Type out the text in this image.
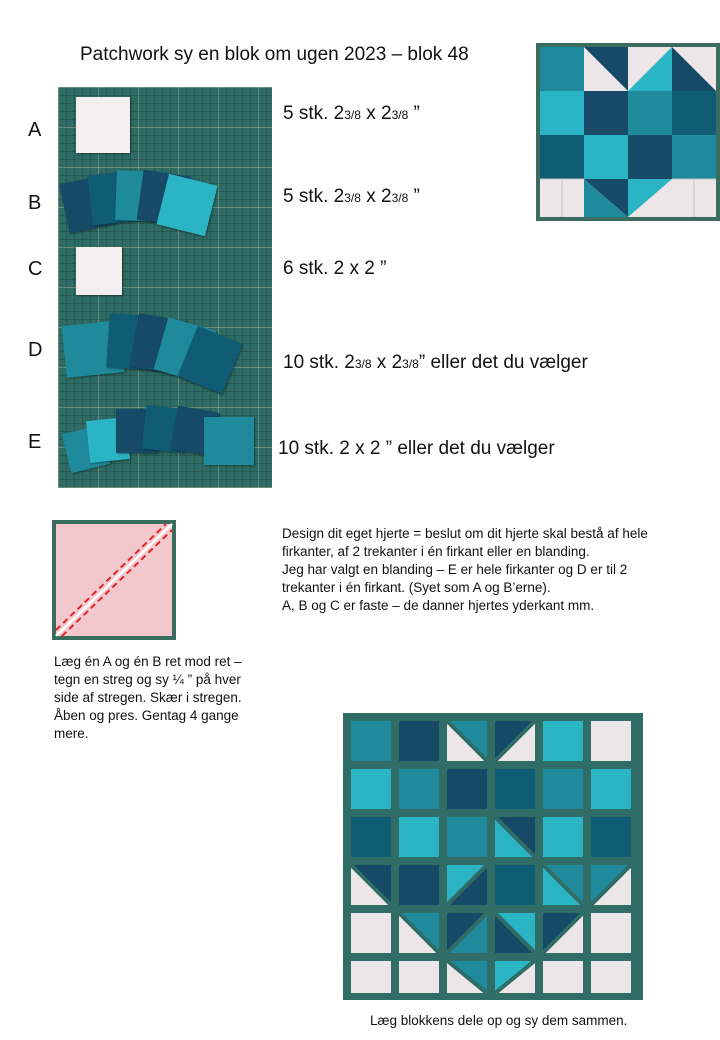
Patchwork sy en blok om ugen 2023 – blok 48
A
B
C
D
E
5 stk. 23/8 x 23/8 ”
5 stk. 23/8 x 23/8 ”
6 stk. 2 x 2 ”
10 stk. 23/8 x 23/8” eller det du vælger
10 stk. 2 x 2 ” eller det du vælger
Design dit eget hjerte = beslut om dit hjerte skal bestå af hele
firkanter, af 2 trekanter i én firkant eller en blanding.
Jeg har valgt en blanding – E er hele firkanter og D er til 2
trekanter i én firkant. (Syet som A og B’erne).
A, B og C er faste – de danner hjertes yderkant mm.
Læg én A og én B ret mod ret –
tegn en streg og sy ¼ ” på hver
side af stregen. Skær i stregen.
Åben og pres. Gentag 4 gange
mere.
Læg blokkens dele op og sy dem sammen.
